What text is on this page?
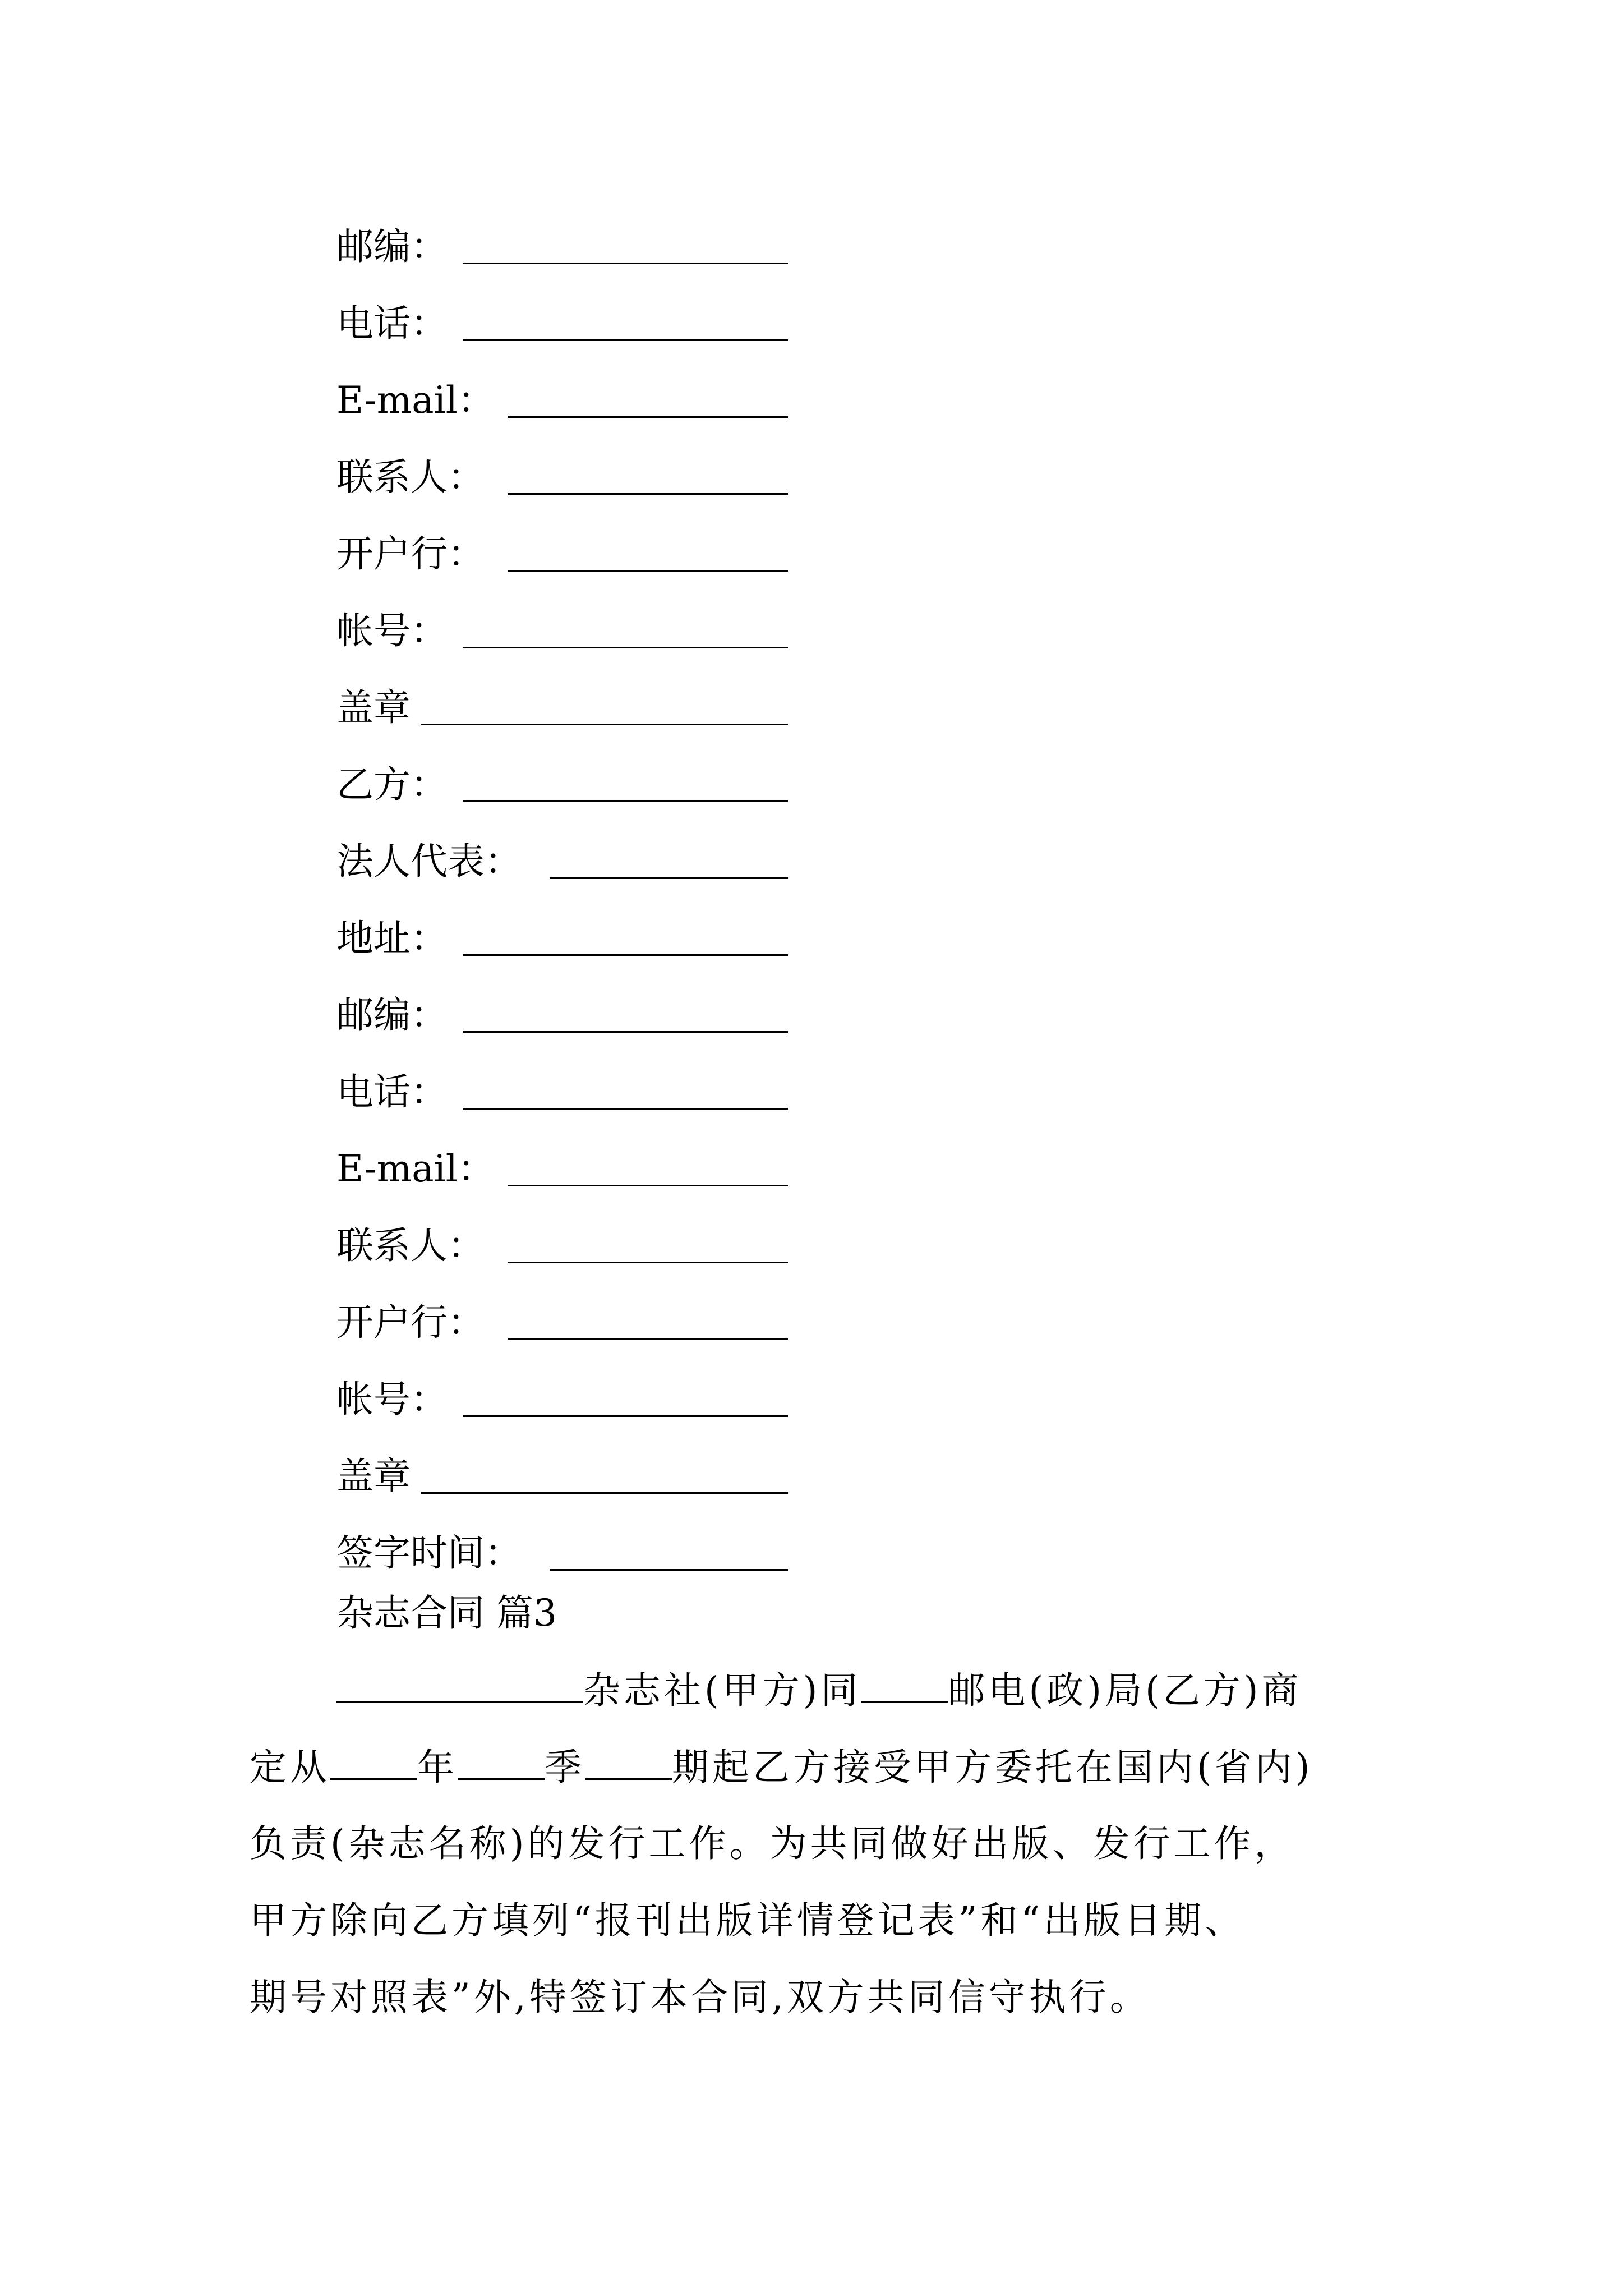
邮编：
电话：
E-mail：
联系人：
开户行：
帐号：
盖章
乙方：
法人代表：
地址：
邮编：
电话：
E-mail：
联系人：
开户行：
帐号：
盖章
签字时间：
杂志合同 篇3
杂志社(甲方)同 邮电(政)局(乙方)商
定从 年 季 期起乙方接受甲方委托在国内(省内)
负责(杂志名称)的发行工作。为共同做好出版、发行工作，
甲方除向乙方填列“报刊出版详情登记表”和“出版日期、
期号对照表”外,特签订本合同,双方共同信守执行。
